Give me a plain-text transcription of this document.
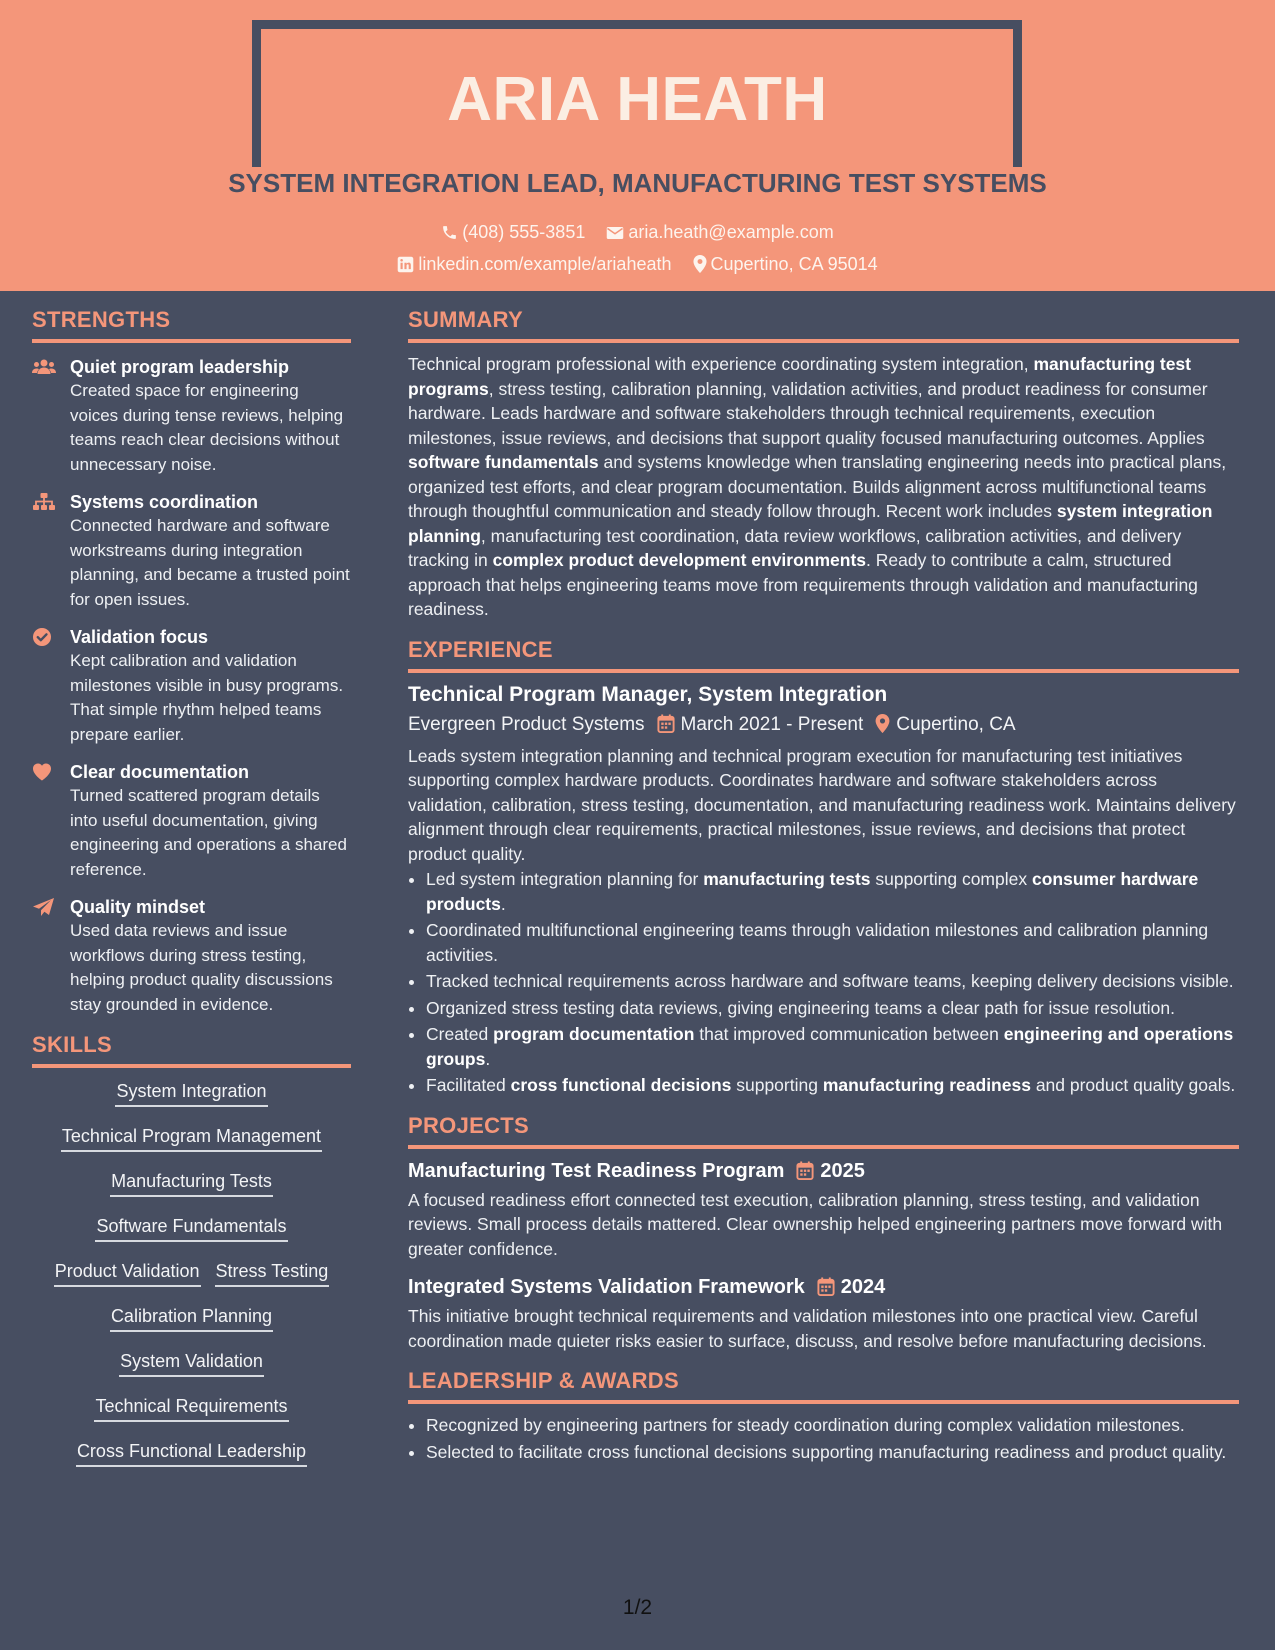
ARIA HEATH
SYSTEM INTEGRATION LEAD, MANUFACTURING TEST SYSTEMS
(408) 555-3851 aria.heath@example.com
linkedin.com/example/ariaheath Cupertino, CA 95014
STRENGTHS
Quiet program leadership
Created space for engineering voices during tense reviews, helping teams reach clear decisions without unnecessary noise.
Systems coordination
Connected hardware and software workstreams during integration planning, and became a trusted point for open issues.
Validation focus
Kept calibration and validation milestones visible in busy programs. That simple rhythm helped teams prepare earlier.
Clear documentation
Turned scattered program details into useful documentation, giving engineering and operations a shared reference.
Quality mindset
Used data reviews and issue workflows during stress testing, helping product quality discussions stay grounded in evidence.
SKILLS
System Integration
Technical Program Management
Manufacturing Tests
Software Fundamentals
Product Validation Stress Testing
Calibration Planning
System Validation
Technical Requirements
Cross Functional Leadership
SUMMARY
Technical program professional with experience coordinating system integration, manufacturing test programs, stress testing, calibration planning, validation activities, and product readiness for consumer hardware. Leads hardware and software stakeholders through technical requirements, execution milestones, issue reviews, and decisions that support quality focused manufacturing outcomes. Applies software fundamentals and systems knowledge when translating engineering needs into practical plans, organized test efforts, and clear program documentation. Builds alignment across multifunctional teams through thoughtful communication and steady follow through. Recent work includes system integration planning, manufacturing test coordination, data review workflows, calibration activities, and delivery tracking in complex product development environments. Ready to contribute a calm, structured approach that helps engineering teams move from requirements through validation and manufacturing readiness.
EXPERIENCE
Technical Program Manager, System Integration
Evergreen Product Systems March 2021 - Present Cupertino, CA
Leads system integration planning and technical program execution for manufacturing test initiatives supporting complex hardware products. Coordinates hardware and software stakeholders across validation, calibration, stress testing, documentation, and manufacturing readiness work. Maintains delivery alignment through clear requirements, practical milestones, issue reviews, and decisions that protect product quality.
• Led system integration planning for manufacturing tests supporting complex consumer hardware products.
• Coordinated multifunctional engineering teams through validation milestones and calibration planning activities.
• Tracked technical requirements across hardware and software teams, keeping delivery decisions visible.
• Organized stress testing data reviews, giving engineering teams a clear path for issue resolution.
• Created program documentation that improved communication between engineering and operations groups.
• Facilitated cross functional decisions supporting manufacturing readiness and product quality goals.
PROJECTS
Manufacturing Test Readiness Program 2025
A focused readiness effort connected test execution, calibration planning, stress testing, and validation reviews. Small process details mattered. Clear ownership helped engineering partners move forward with greater confidence.
Integrated Systems Validation Framework 2024
This initiative brought technical requirements and validation milestones into one practical view. Careful coordination made quieter risks easier to surface, discuss, and resolve before manufacturing decisions.
LEADERSHIP & AWARDS
• Recognized by engineering partners for steady coordination during complex validation milestones.
• Selected to facilitate cross functional decisions supporting manufacturing readiness and product quality.
1/2
